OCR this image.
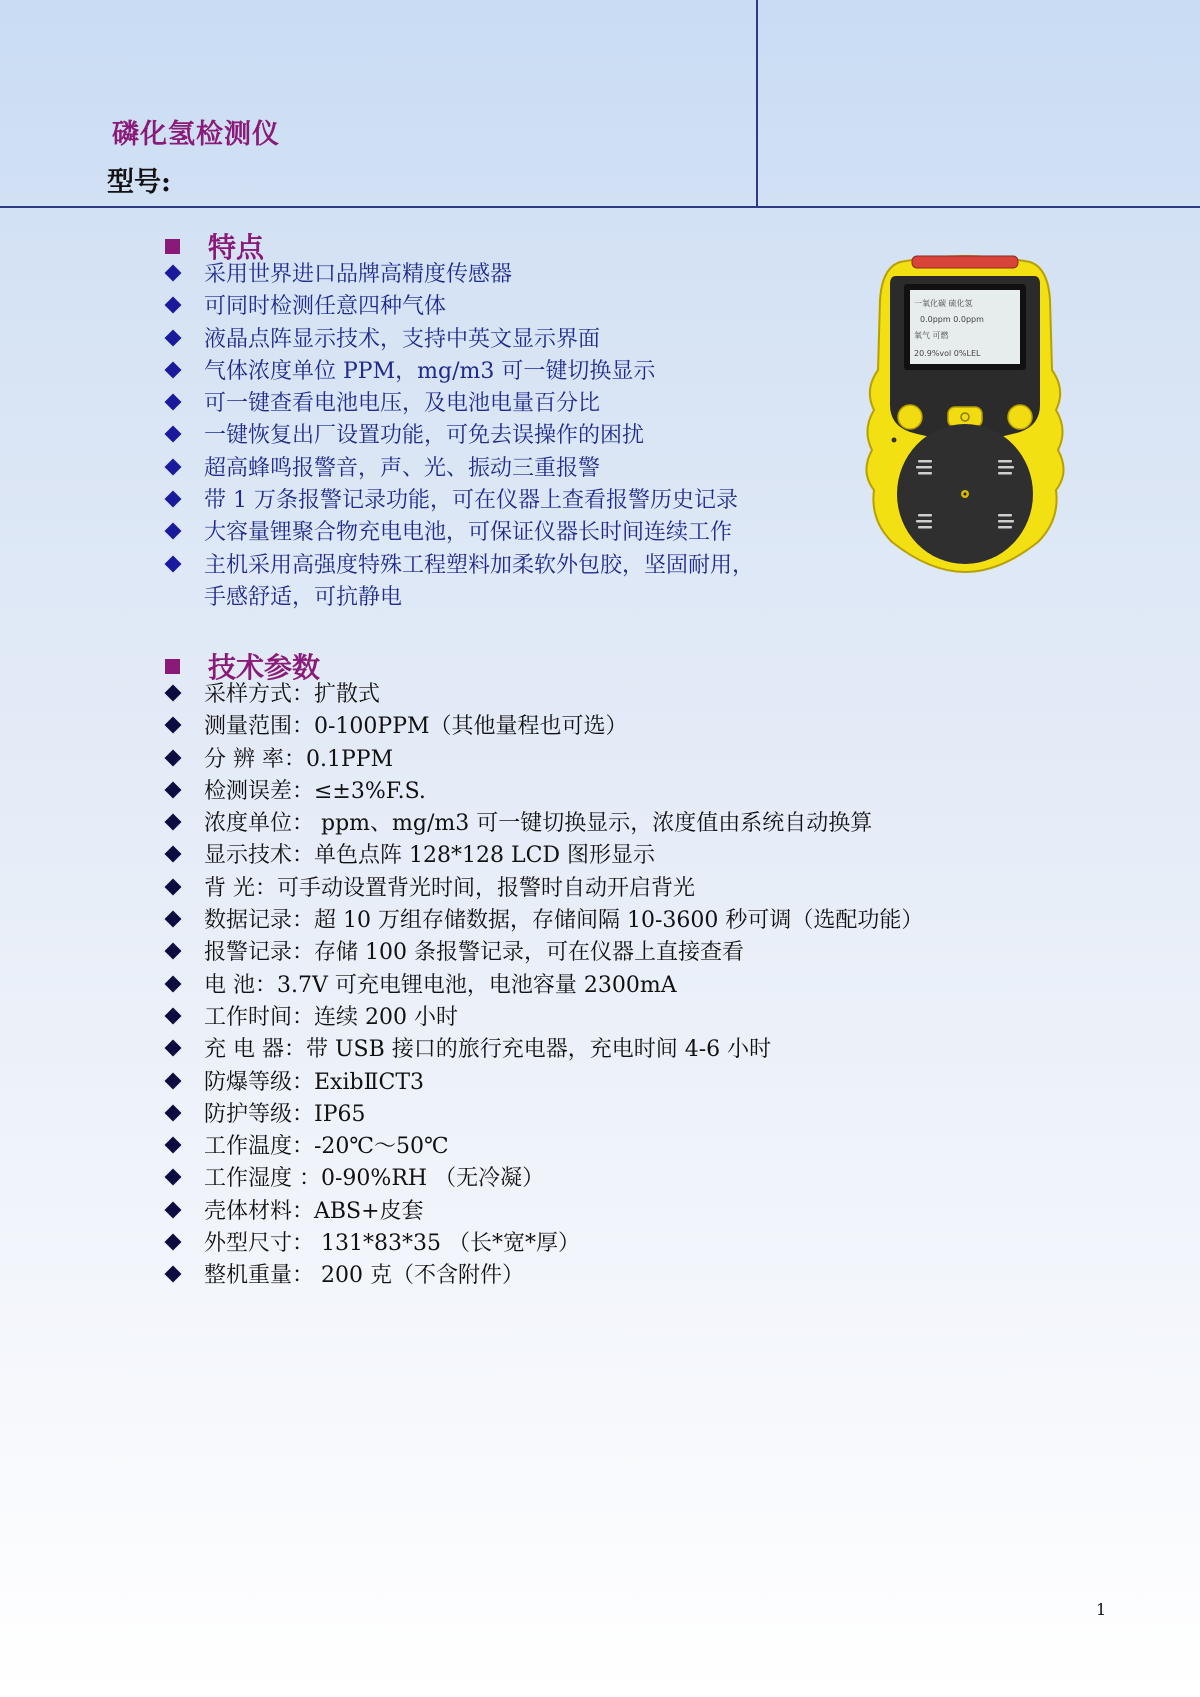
磷化氢检测仪
型号:
特点
采用世界进口品牌高精度传感器
可同时检测任意四种气体
液晶点阵显示技术，支持中英文显示界面
气体浓度单位 PPM，mg/m3 可一键切换显示
可一键查看电池电压，及电池电量百分比
一键恢复出厂设置功能，可免去误操作的困扰
超高蜂鸣报警音，声、光、振动三重报警
带 1 万条报警记录功能，可在仪器上查看报警历史记录
大容量锂聚合物充电电池，可保证仪器长时间连续工作
主机采用高强度特殊工程塑料加柔软外包胶，坚固耐用，
手感舒适，可抗静电
一氧化碳 硫化氢
0.0ppm 0.0ppm
氧气 可燃
20.9%vol 0%LEL
技术参数
采样方式：扩散式
测量范围：0-100PPM（其他量程也可选）
分 辨 率：0.1PPM
检测误差：≤±3%F.S.
浓度单位： ppm、mg/m3 可一键切换显示，浓度值由系统自动换算
显示技术：单色点阵 128*128 LCD 图形显示
背 光：可手动设置背光时间，报警时自动开启背光
数据记录：超 10 万组存储数据，存储间隔 10-3600 秒可调（选配功能）
报警记录：存储 100 条报警记录，可在仪器上直接查看
电 池：3.7V 可充电锂电池，电池容量 2300mA
工作时间：连续 200 小时
充 电 器：带 USB 接口的旅行充电器，充电时间 4-6 小时
防爆等级：ExibⅡCT3
防护等级：IP65
工作温度：-20℃～50℃
工作湿度 ：0-90%RH （无冷凝）
壳体材料：ABS+皮套
外型尺寸： 131*83*35 （长*宽*厚）
整机重量： 200 克（不含附件）
1
